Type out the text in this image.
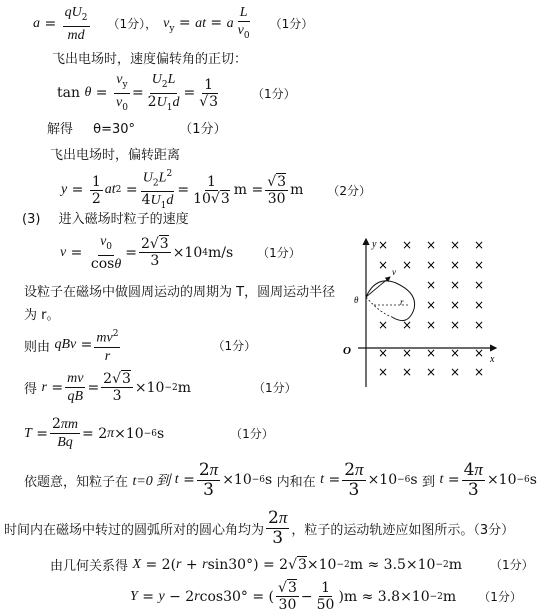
$a = \frac{qU_2}{md} (1$分）， $v_y$ = at = a $\frac{L}{v_0} (1$分）
飞出电场时，速度偏转角的正切：
tan
$\theta = \frac{v_y}{v_0} = \frac{U_2L}{2U_1d} = \frac{1}{√3}$	（1分）
解得 θ=30°	（1分）
飞出电场时，偏转距离
$y = \frac{1}{2}$ at $2 = \frac{U_2L^2}{4U_1d} = \frac{1}{10√3}$ $m = \frac{√3}{30}$ m （2分）
(3) 进入磁场时粒子的速度
$v = \frac{v_0}{\cos\theta} = \frac{2√3}{3} \times 10$ 4 m/s （1分）
设粒子在磁场中做圆周运动的周期为 T，圆周运动半径
为 r。
则由
qBv = $\frac{mv^2}{r}$	（1分）
得
$r = \frac{mv}{qB} = \frac{2√3}{3} \times 10 -2$ m	（1分）
$T = \frac{2\pi m}{Bq} = 2$ π ×10 −6 s	（1分）
依题意，知粒子在
t=0 到
$t = \frac{2\pi}{3} \times 10 -6$ s 内和在
$t = \frac{2\pi}{3} \times 10 -6$ s 到
$t = \frac{4\pi}{3} \times 10 -6$ s
时间内在磁场中转过的圆弧所对的圆心角均为 $\frac{2\pi}{3}$ ，粒子的运动轨迹应如图所示。（3分）
由几何关系得
X = 2( r + r sin30°) = 2√ 3 ×10 −2 m ≈ 3.5×10 −2 m （1分）
Y = y − 2 r cos30° = ( $\frac{√3}{30} - \frac{1}{50} )m \approx 3.8\times 10 -2$ m （1分）
y
x
O
θ
v
r
× × × × ×
× × × × ×
× × ×
× × ×
× × × × ×
× × × × ×
× × × × ×
